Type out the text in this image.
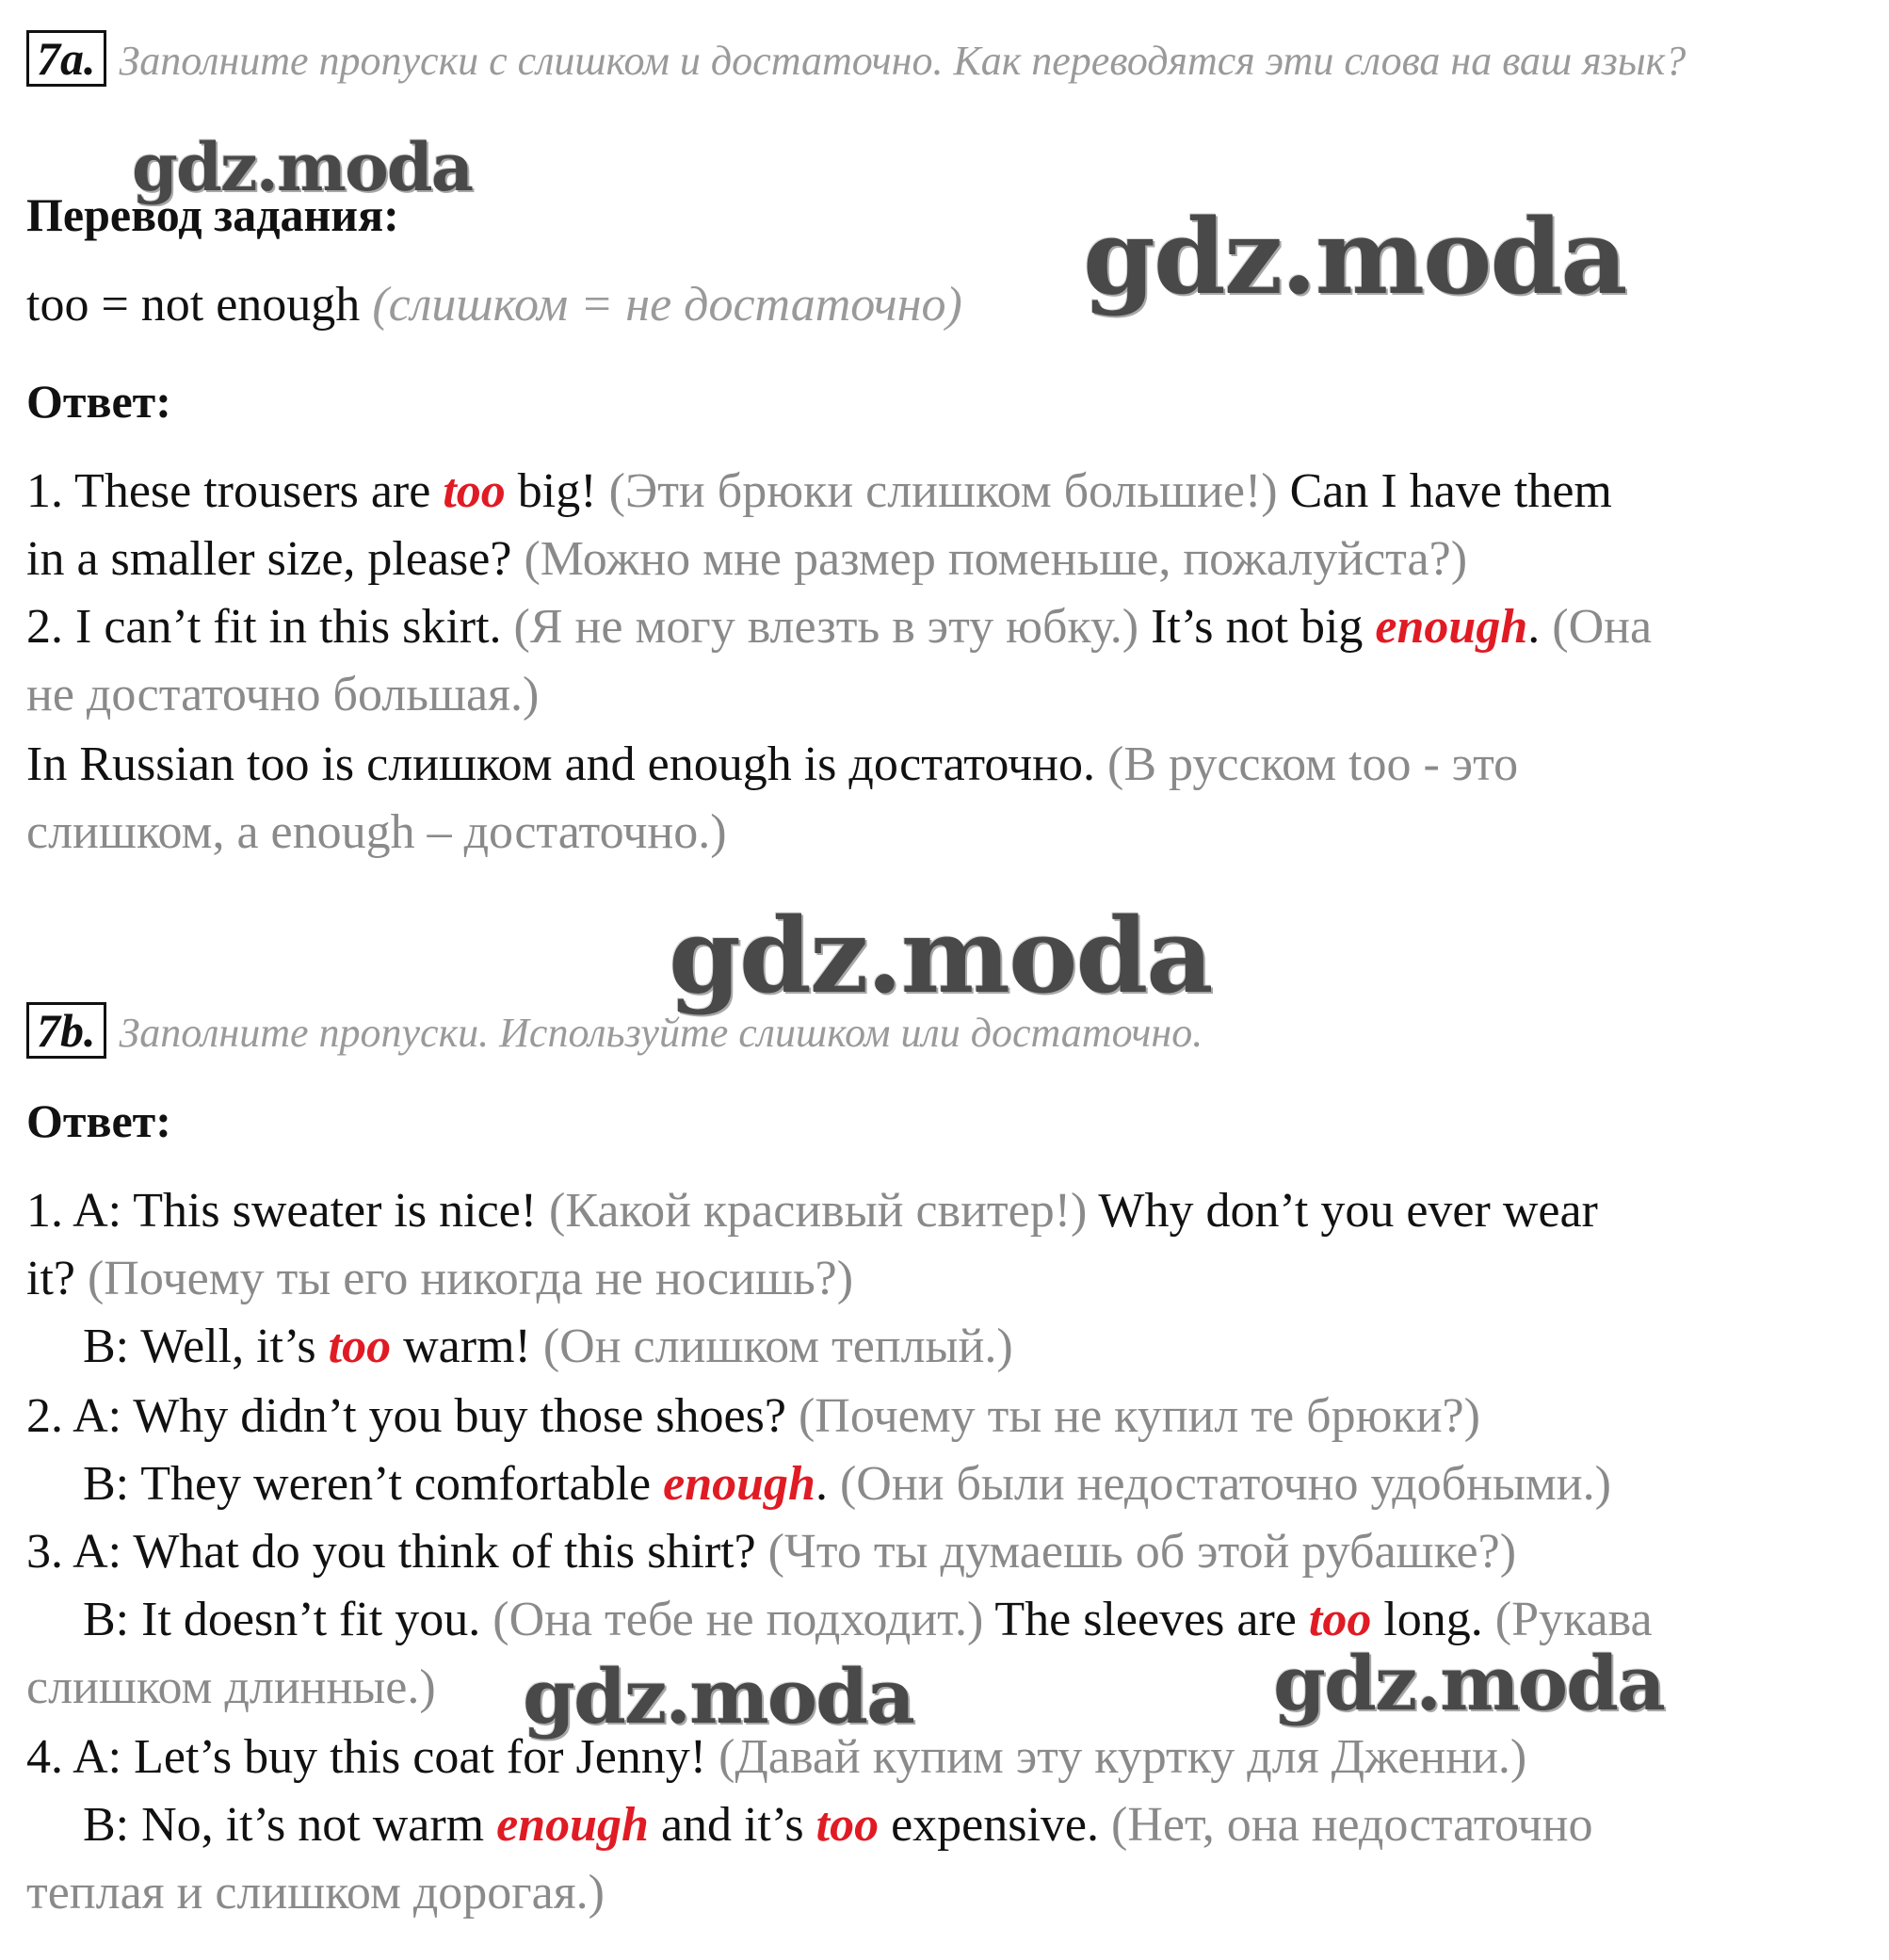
7a. Заполните пропуски с слишком и достаточно. Как переводятся эти слова на ваш язык?
Перевод задания:
too = not enough (слишком = не достаточно)
Ответ:
1. These trousers are too big! (Эти брюки слишком большие!) Can I have them
in a smaller size, please? (Можно мне размер поменьше, пожалуйста?)
2. I can’t fit in this skirt. (Я не могу влезть в эту юбку.) It’s not big enough. (Она
не достаточно большая.)
In Russian too is слишком and enough is достаточно. (В русском too - это
слишком, а enough – достаточно.)
7b. Заполните пропуски. Используйте слишком или достаточно.
Ответ:
1. A: This sweater is nice! (Какой красивый свитер!) Why don’t you ever wear
it? (Почему ты его никогда не носишь?)
B: Well, it’s too warm! (Он слишком теплый.)
2. A: Why didn’t you buy those shoes? (Почему ты не купил те брюки?)
B: They weren’t comfortable enough. (Они были недостаточно удобными.)
3. A: What do you think of this shirt? (Что ты думаешь об этой рубашке?)
B: It doesn’t fit you. (Она тебе не подходит.) The sleeves are too long. (Рукава
слишком длинные.)
4. A: Let’s buy this coat for Jenny! (Давай купим эту куртку для Дженни.)
B: No, it’s not warm enough and it’s too expensive. (Нет, она недостаточно
теплая и слишком дорогая.)
gdz.moda
gdz.moda
gdz.moda
gdz.moda	gdz.moda
